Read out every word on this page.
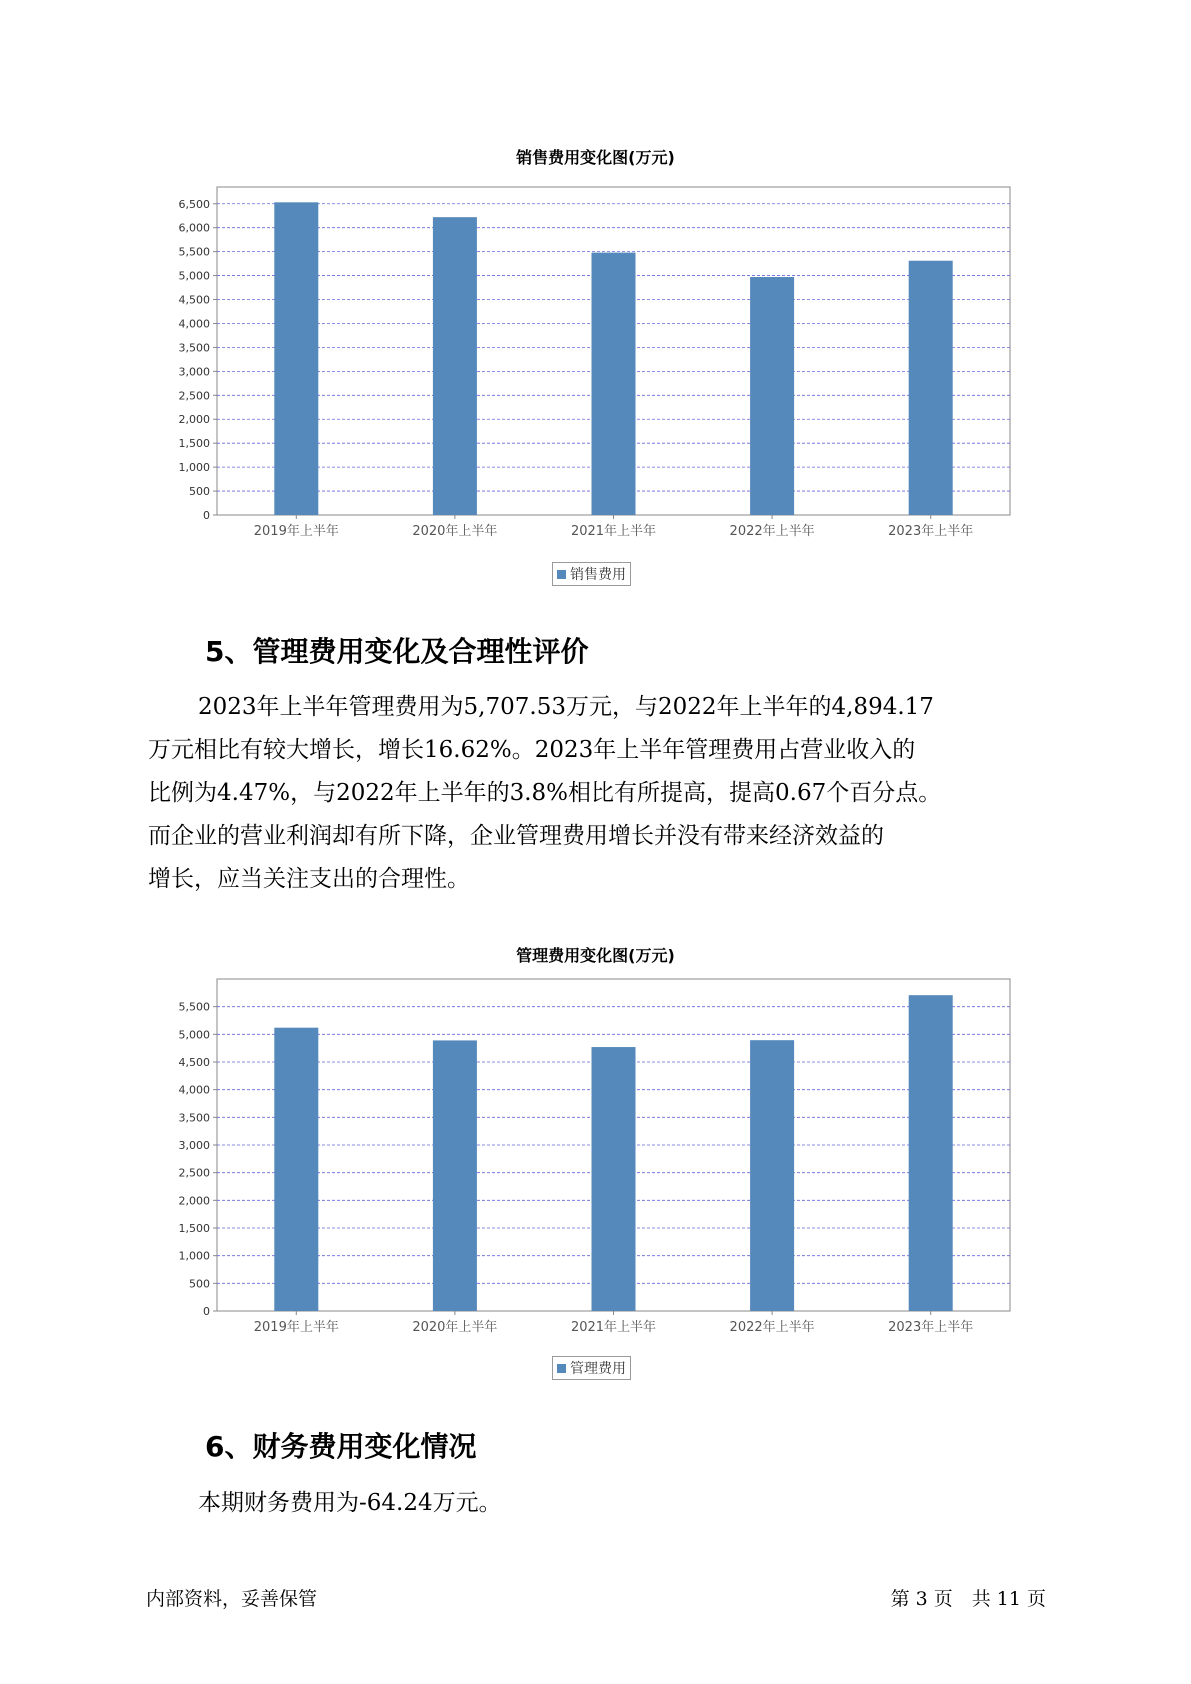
销售费用变化图(万元)
0
500
1,000
1,500
2,000
2,500
3,000
3,500
4,000
4,500
5,000
5,500
6,000
6,500
2019年上半年	2020年上半年	2021年上半年	2022年上半年	2023年上半年
销售费用
5、管理费用变化及合理性评价
2023年上半年管理费用为5,707.53万元，与2022年上半年的4,894.17
万元相比有较大增长，增长16.62%。2023年上半年管理费用占营业收入的
比例为4.47%，与2022年上半年的3.8%相比有所提高，提高0.67个百分点。
而企业的营业利润却有所下降，企业管理费用增长并没有带来经济效益的
增长，应当关注支出的合理性。
管理费用变化图(万元)
0
500
1,000
1,500
2,000
2,500
3,000
3,500
4,000
4,500
5,000
5,500
2019年上半年	2020年上半年	2021年上半年	2022年上半年	2023年上半年
管理费用
6、财务费用变化情况
本期财务费用为-64.24万元。
内部资料，妥善保管	第 3 页　共 11 页
